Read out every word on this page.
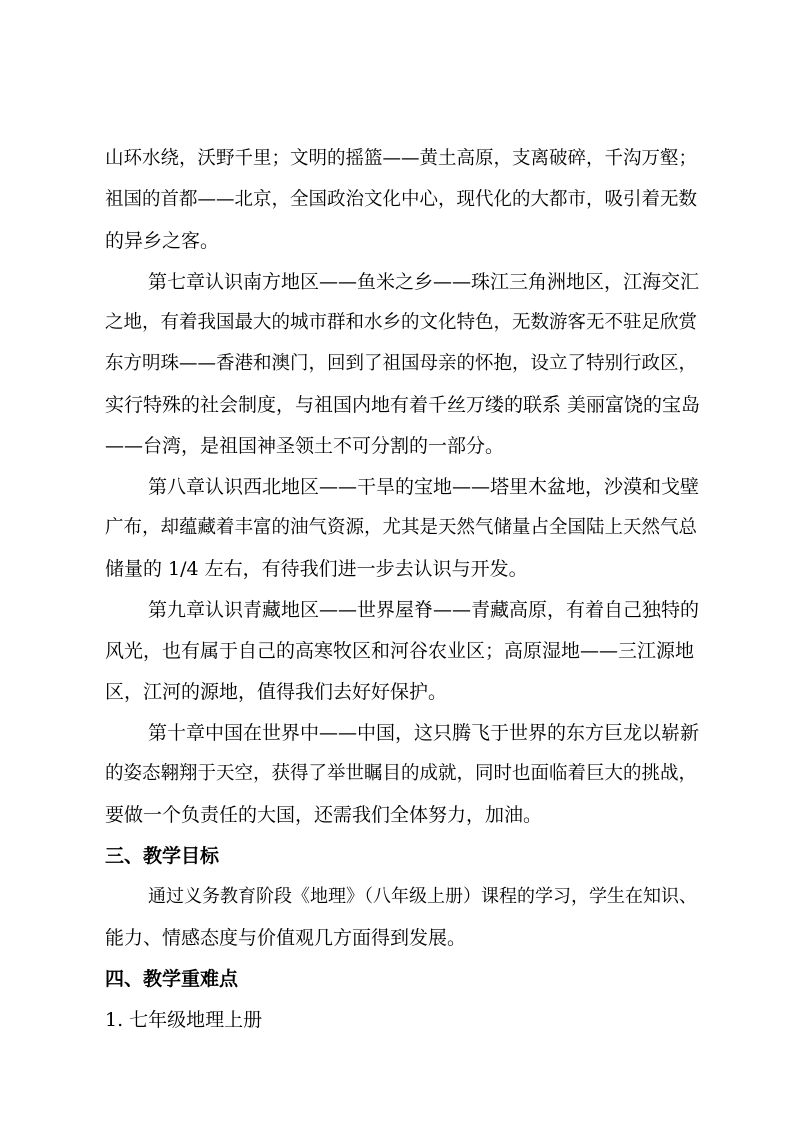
山环水绕，沃野千里；文明的摇篮——黄土高原，支离破碎，千沟万壑；
祖国的首都——北京，全国政治文化中心，现代化的大都市，吸引着无数
的异乡之客。
第七章认识南方地区——鱼米之乡——珠江三角洲地区，江海交汇
之地，有着我国最大的城市群和水乡的文化特色，无数游客无不驻足欣赏
东方明珠——香港和澳门，回到了祖国母亲的怀抱，设立了特别行政区，
实行特殊的社会制度，与祖国内地有着千丝万缕的联系 美丽富饶的宝岛
——台湾，是祖国神圣领土不可分割的一部分。
第八章认识西北地区——干旱的宝地——塔里木盆地，沙漠和戈壁
广布，却蕴藏着丰富的油气资源，尤其是天然气储量占全国陆上天然气总
储量的 1/4 左右，有待我们进一步去认识与开发。
第九章认识青藏地区——世界屋脊——青藏高原，有着自己独特的
风光，也有属于自己的高寒牧区和河谷农业区；高原湿地——三江源地
区，江河的源地，值得我们去好好保护。
第十章中国在世界中——中国，这只腾飞于世界的东方巨龙以崭新
的姿态翱翔于天空，获得了举世瞩目的成就，同时也面临着巨大的挑战，
要做一个负责任的大国，还需我们全体努力，加油。
三、教学目标
通过义务教育阶段《地理》（八年级上册）课程的学习，学生在知识、
能力、情感态度与价值观几方面得到发展。
四、教学重难点
1. 七年级地理上册
